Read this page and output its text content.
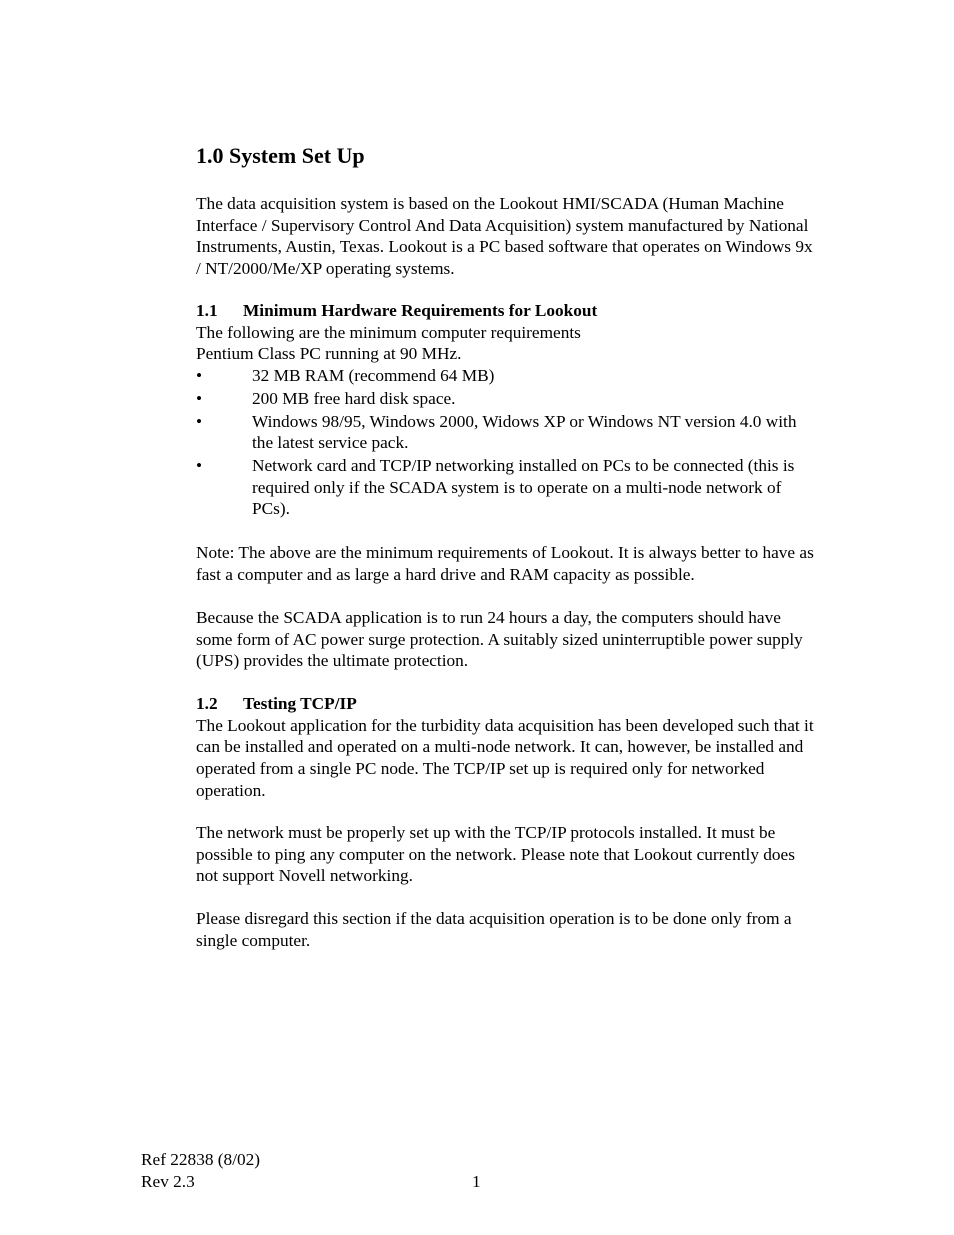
1.0 System Set Up

The data acquisition system is based on the Lookout HMI/SCADA (Human Machine Interface / Supervisory Control And Data Acquisition) system manufactured by National Instruments, Austin, Texas. Lookout is a PC based software that operates on Windows 9x / NT/2000/Me/XP operating systems.

1.1 Minimum Hardware Requirements for Lookout

The following are the minimum computer requirements

Pentium Class PC running at 90 MHz.

•	32 MB RAM (recommend 64 MB)
•	200 MB free hard disk space.
•	Windows 98/95, Windows 2000, Widows XP or Windows NT version 4.0 with the latest service pack.
•	Network card and TCP/IP networking installed on PCs to be connected (this is required only if the SCADA system is to operate on a multi-node network of PCs).

Note: The above are the minimum requirements of Lookout. It is always better to have as fast a computer and as large a hard drive and RAM capacity as possible.

Because the SCADA application is to run 24 hours a day, the computers should have some form of AC power surge protection. A suitably sized uninterruptible power supply (UPS) provides the ultimate protection.

1.2 Testing TCP/IP

The Lookout application for the turbidity data acquisition has been developed such that it can be installed and operated on a multi-node network. It can, however, be installed and operated from a single PC node. The TCP/IP set up is required only for networked operation.

The network must be properly set up with the TCP/IP protocols installed. It must be possible to ping any computer on the network. Please note that Lookout currently does not support Novell networking.

Please disregard this section if the data acquisition operation is to be done only from a single computer.

Ref 22838 (8/02)
Rev 2.3	1
